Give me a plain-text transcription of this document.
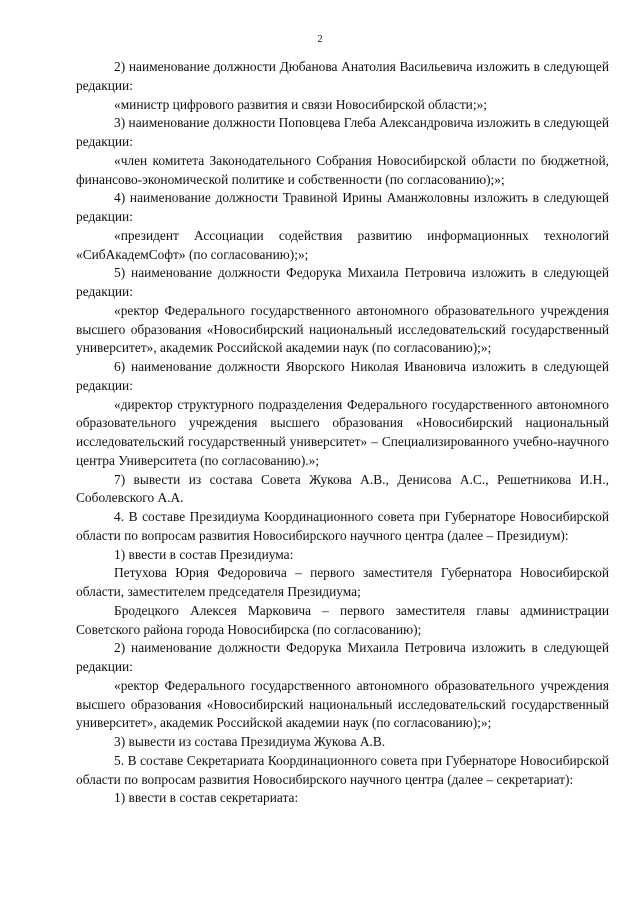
2

2) наименование должности Дюбанова Анатолия Васильевича изложить в следующей редакции:

«министр цифрового развития и связи Новосибирской области;»;

3) наименование должности Поповцева Глеба Александровича изложить в следующей редакции:

«член комитета Законодательного Собрания Новосибирской области по бюджетной, финансово-экономической политике и собственности (по согласованию);»;

4) наименование должности Травиной Ирины Аманжоловны изложить в следующей редакции:

«президент Ассоциации содействия развитию информационных технологий «СибАкадемСофт» (по согласованию);»;

5) наименование должности Федорука Михаила Петровича изложить в следующей редакции:

«ректор Федерального государственного автономного образовательного учреждения высшего образования «Новосибирский национальный исследовательский государственный университет», академик Российской академии наук (по согласованию);»;

6) наименование должности Яворского Николая Ивановича изложить в следующей редакции:

«директор структурного подразделения Федерального государственного автономного образовательного учреждения высшего образования «Новосибирский национальный исследовательский государственный университет» – Специализированного учебно-научного центра Университета (по согласованию).»;

7) вывести из состава Совета Жукова А.В., Денисова А.С., Решетникова И.Н., Соболевского А.А.

4. В составе Президиума Координационного совета при Губернаторе Новосибирской области по вопросам развития Новосибирского научного центра (далее – Президиум):

1) ввести в состав Президиума:

Петухова Юрия Федоровича – первого заместителя Губернатора Новосибирской области, заместителем председателя Президиума;

Бродецкого Алексея Марковича – первого заместителя главы администрации Советского района города Новосибирска (по согласованию);

2) наименование должности Федорука Михаила Петровича изложить в следующей редакции:

«ректор Федерального государственного автономного образовательного учреждения высшего образования «Новосибирский национальный исследовательский государственный университет», академик Российской академии наук (по согласованию);»;

3) вывести из состава Президиума Жукова А.В.

5. В составе Секретариата Координационного совета при Губернаторе Новосибирской области по вопросам развития Новосибирского научного центра (далее – секретариат):

1) ввести в состав секретариата:
